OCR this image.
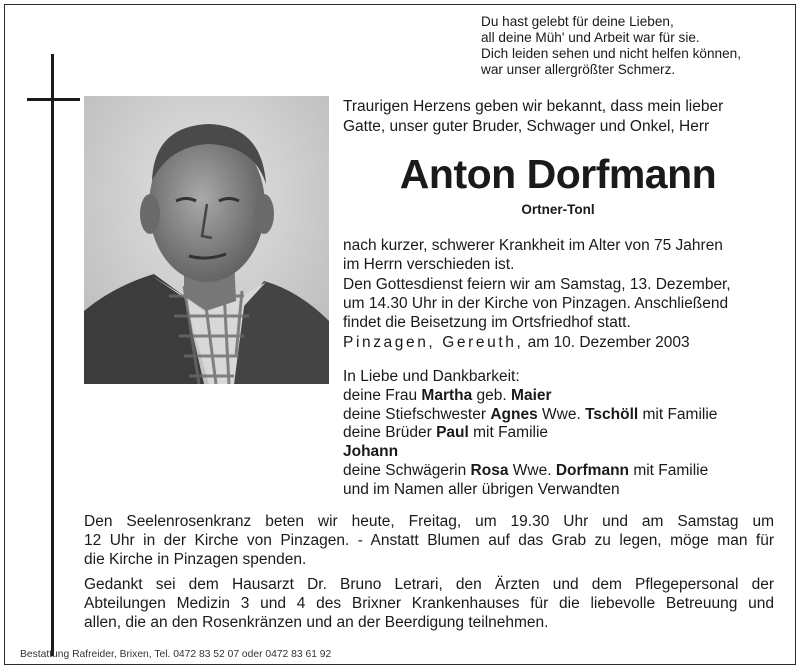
Du hast gelebt für deine Lieben,
all deine Müh' und Arbeit war für sie.
Dich leiden sehen und nicht helfen können,
war unser allergrößter Schmerz.
Traurigen Herzens geben wir bekannt, dass mein lieber
Gatte, unser guter Bruder, Schwager und Onkel, Herr
Anton Dorfmann
Ortner-Tonl
nach kurzer, schwerer Krankheit im Alter von 75 Jahren
im Herrn verschieden ist.
Den Gottesdienst feiern wir am Samstag, 13. Dezember,
um 14.30 Uhr in der Kirche von Pinzagen. Anschließend
findet die Beisetzung im Ortsfriedhof statt.
Pinzagen, Gereuth, am 10. Dezember 2003
In Liebe und Dankbarkeit:
deine Frau Martha geb. Maier
deine Stiefschwester Agnes Wwe. Tschöll mit Familie
deine Brüder Paul mit Familie
Johann
deine Schwägerin Rosa Wwe. Dorfmann mit Familie
und im Namen aller übrigen Verwandten
Den Seelenrosenkranz beten wir heute, Freitag, um 19.30 Uhr und am Samstag um
12 Uhr in der Kirche von Pinzagen. - Anstatt Blumen auf das Grab zu legen, möge man für
die Kirche in Pinzagen spenden.
Gedankt sei dem Hausarzt Dr. Bruno Letrari, den Ärzten und dem Pflegepersonal der
Abteilungen Medizin 3 und 4 des Brixner Krankenhauses für die liebevolle Betreuung und
allen, die an den Rosenkränzen und an der Beerdigung teilnehmen.
Bestattung Rafreider, Brixen, Tel. 0472 83 52 07 oder 0472 83 61 92
